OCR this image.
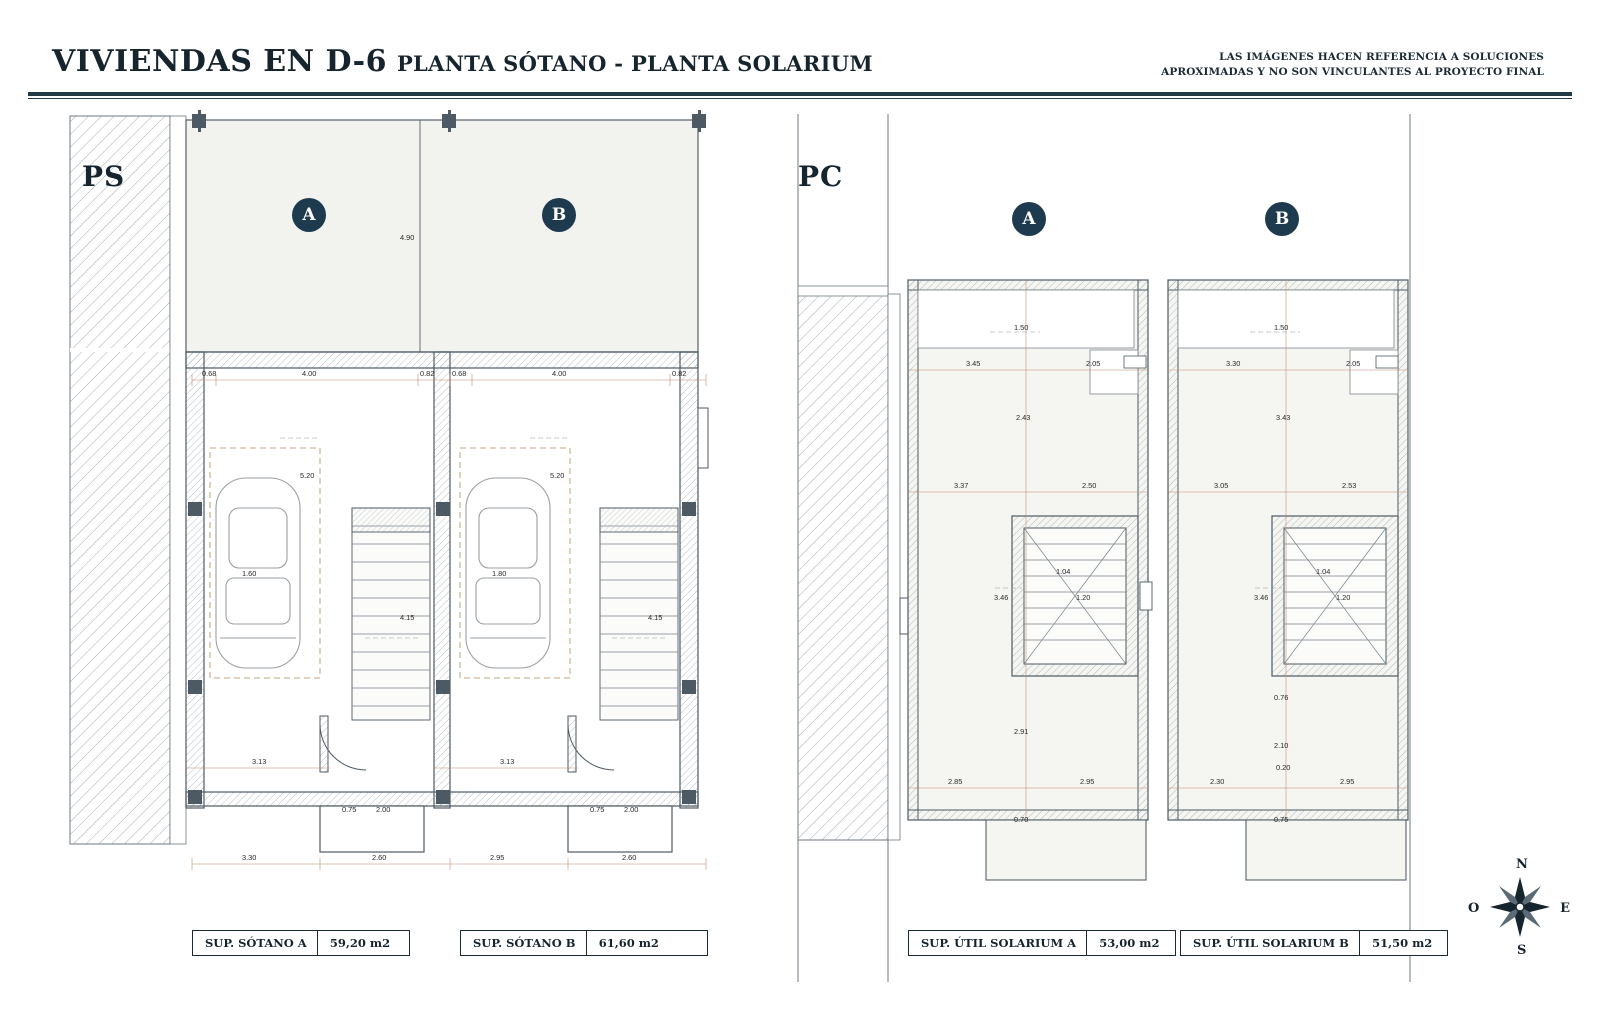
VIVIENDAS EN D-6 PLANTA SÓTANO - PLANTA SOLARIUM	LAS IMÁGENES HACEN REFERENCIA A SOLUCIONES
APROXIMADAS Y NO SON VINCULANTES AL PROYECTO FINAL
PS
A	B
0.68	4.00	0.82 0.68	4.00	0.82
4.90
5.20	5.20
1.60	1.80
4.15	4.15
3.13	3.13
0.75	2.00	0.75	2.00
3.30	2.60	2.95	2.60
SUP. SÓTANO A	59,20 m2	SUP. SÓTANO B	61,60 m2
PC
A	B
1.50
3.45	2.05
2.43
3.37	2.50
1.04
1.20
3.46
2.91
2.85	2.95
0.70
1.50
3.30	2.05
3.43
3.05	2.53
1.04
1.20
3.46
0.76
2.10
0.20
2.30	2.95
0.75
SUP. ÚTIL SOLARIUM A	53,00 m2	SUP. ÚTIL SOLARIUM B	51,50 m2
N
S
E
O
